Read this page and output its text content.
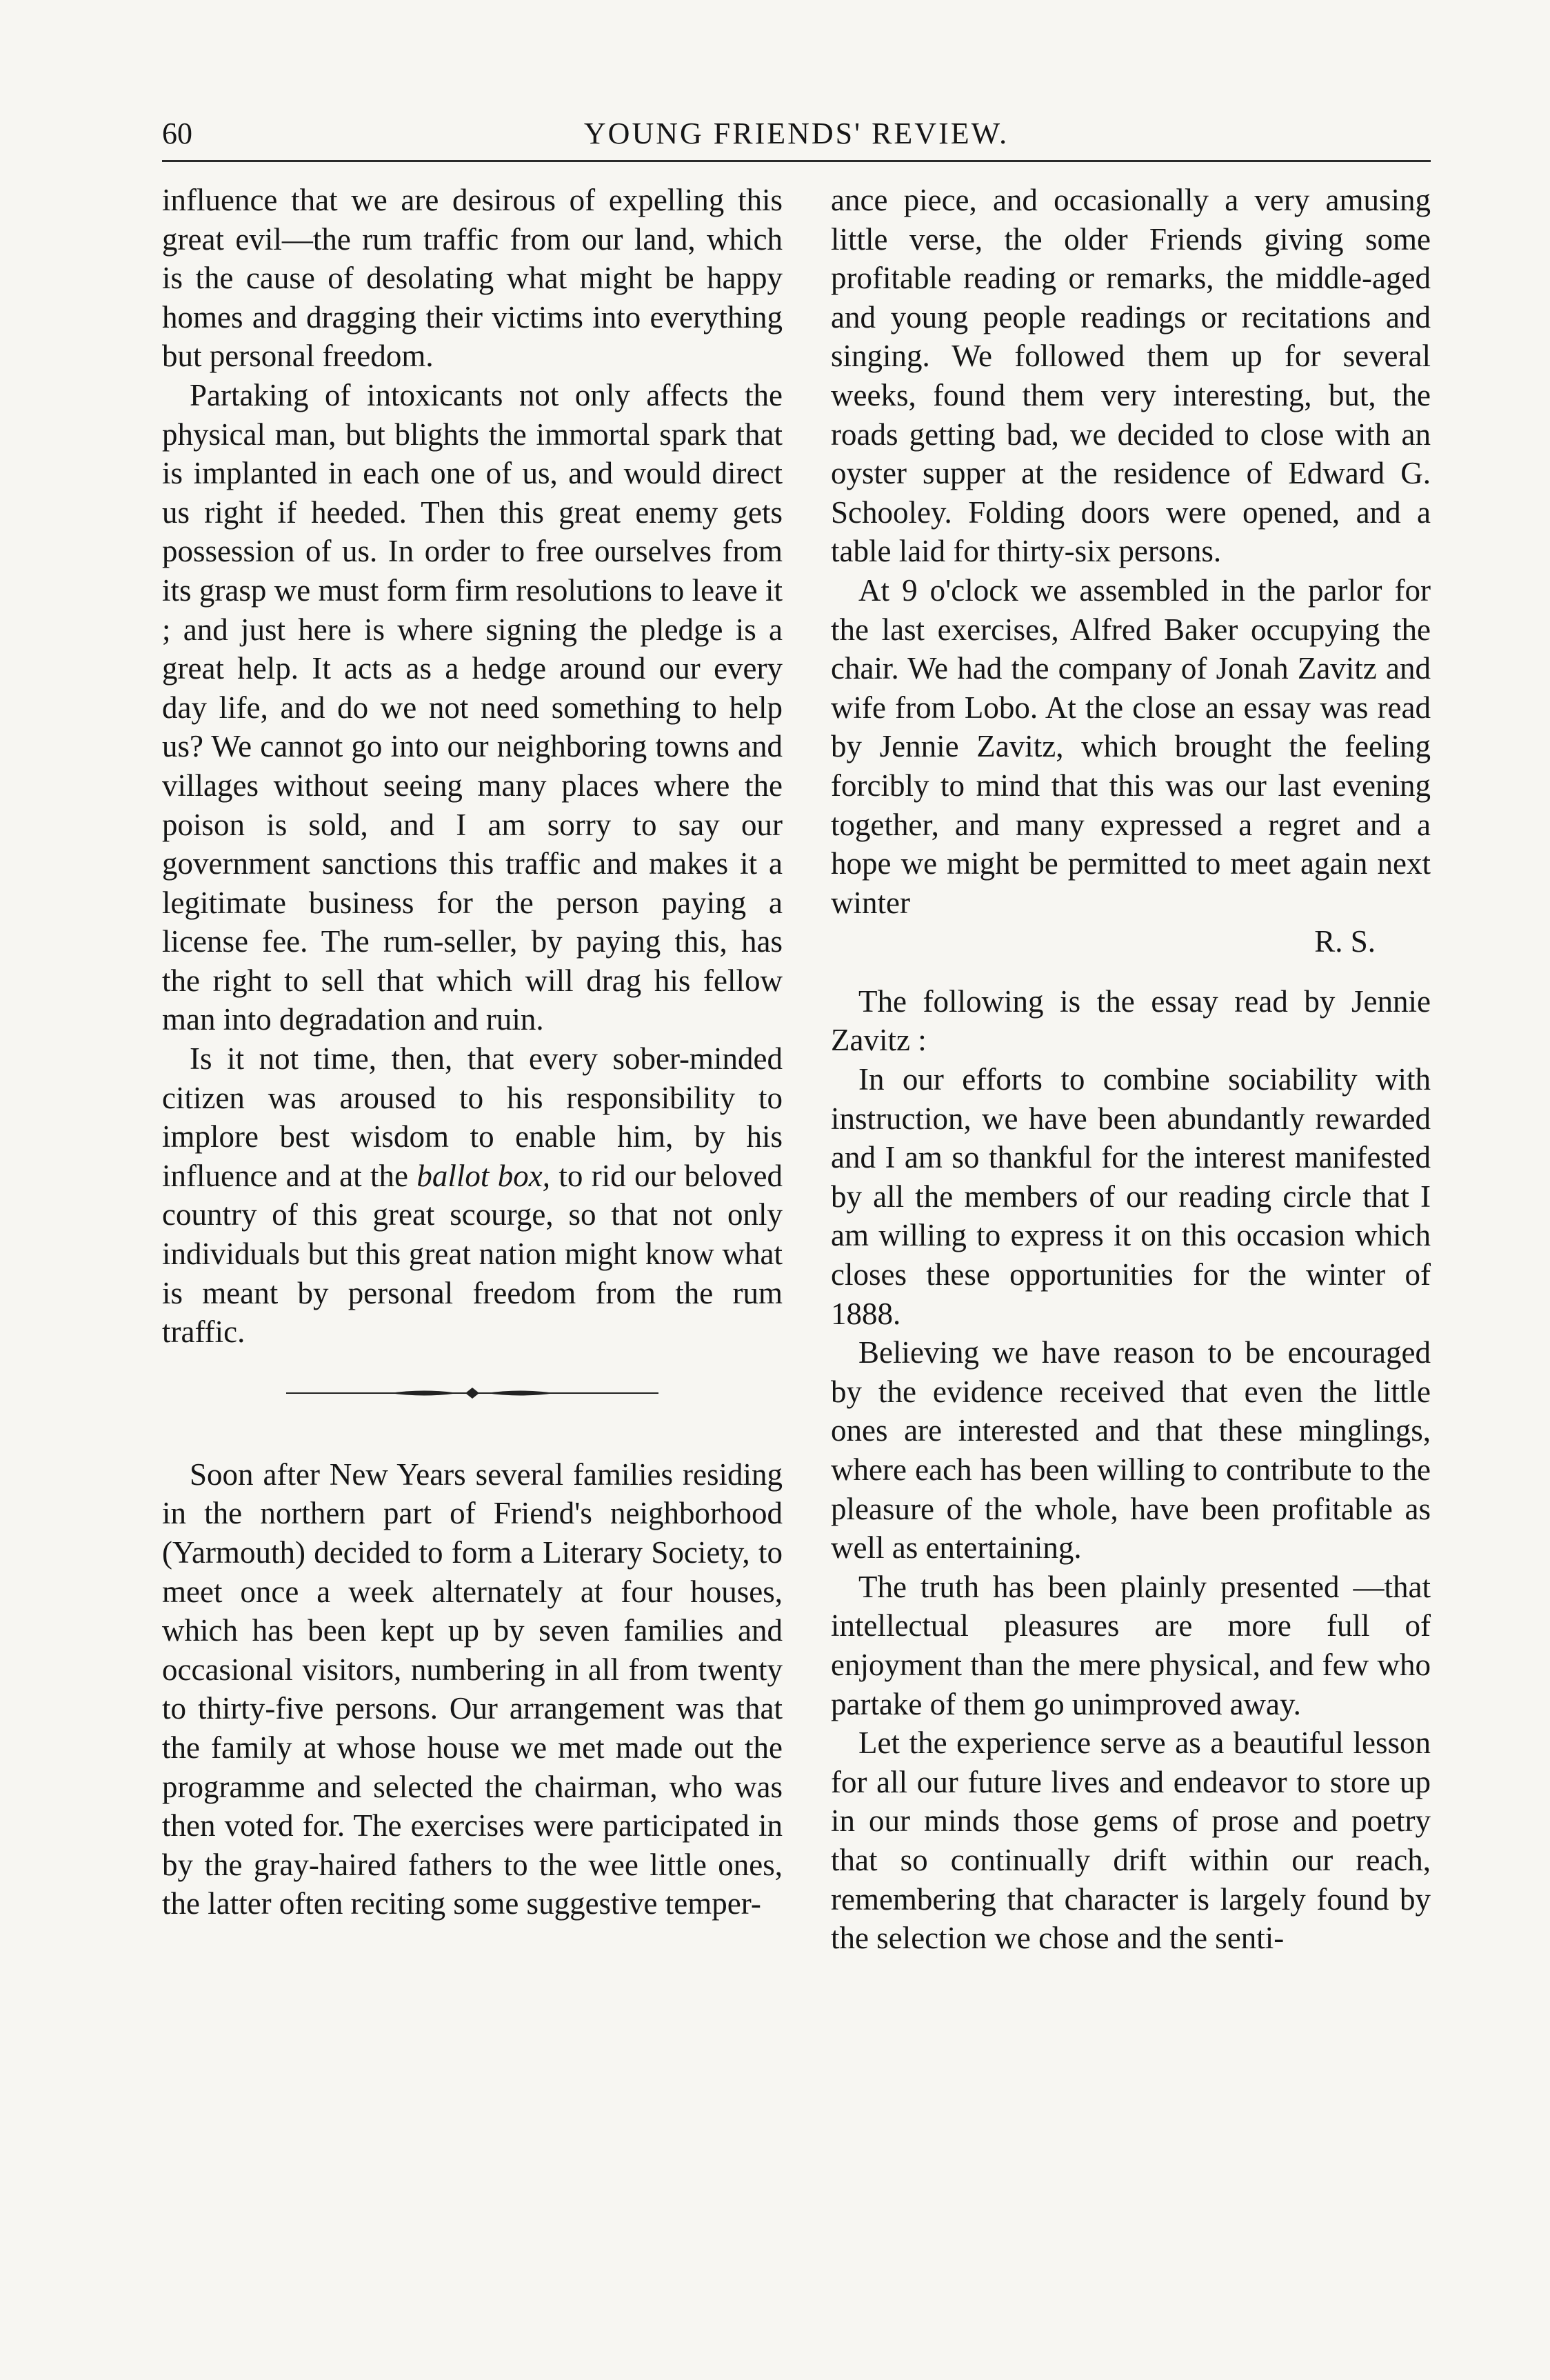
60	YOUNG FRIENDS' REVIEW.

influence that we are desirous of expelling this great evil—the rum traffic from our land, which is the cause of desolating what might be happy homes and dragging their victims into everything but personal freedom.

Partaking of intoxicants not only affects the physical man, but blights the immortal spark that is implanted in each one of us, and would direct us right if heeded. Then this great enemy gets possession of us. In order to free ourselves from its grasp we must form firm resolutions to leave it ; and just here is where signing the pledge is a great help. It acts as a hedge around our every day life, and do we not need something to help us? We cannot go into our neighboring towns and villages without seeing many places where the poison is sold, and I am sorry to say our government sanctions this traffic and makes it a legitimate business for the person paying a license fee. The rum-seller, by paying this, has the right to sell that which will drag his fellow man into degradation and ruin.

Is it not time, then, that every sober-minded citizen was aroused to his responsibility to implore best wisdom to enable him, by his influence and at the ballot box, to rid our beloved country of this great scourge, so that not only individuals but this great nation might know what is meant by personal freedom from the rum traffic.

Soon after New Years several families residing in the northern part of Friend's neighborhood (Yarmouth) decided to form a Literary Society, to meet once a week alternately at four houses, which has been kept up by seven families and occasional visitors, numbering in all from twenty to thirty-five persons. Our arrangement was that the family at whose house we met made out the programme and selected the chairman, who was then voted for. The exercises were participated in by the gray-haired fathers to the wee little ones, the latter often reciting some suggestive temper-

ance piece, and occasionally a very amusing little verse, the older Friends giving some profitable reading or remarks, the middle-aged and young people readings or recitations and singing. We followed them up for several weeks, found them very interesting, but, the roads getting bad, we decided to close with an oyster supper at the residence of Edward G. Schooley. Folding doors were opened, and a table laid for thirty-six persons.

At 9 o'clock we assembled in the parlor for the last exercises, Alfred Baker occupying the chair. We had the company of Jonah Zavitz and wife from Lobo. At the close an essay was read by Jennie Zavitz, which brought the feeling forcibly to mind that this was our last evening together, and many expressed a regret and a hope we might be permitted to meet again next winter

R. S.

The following is the essay read by Jennie Zavitz :

In our efforts to combine sociability with instruction, we have been abundantly rewarded and I am so thankful for the interest manifested by all the members of our reading circle that I am willing to express it on this occasion which closes these opportunities for the winter of 1888.

Believing we have reason to be encouraged by the evidence received that even the little ones are interested and that these minglings, where each has been willing to contribute to the pleasure of the whole, have been profitable as well as entertaining.

The truth has been plainly presented —that intellectual pleasures are more full of enjoyment than the mere physical, and few who partake of them go unimproved away.

Let the experience serve as a beautiful lesson for all our future lives and endeavor to store up in our minds those gems of prose and poetry that so continually drift within our reach, remembering that character is largely found by the selection we chose and the senti-
